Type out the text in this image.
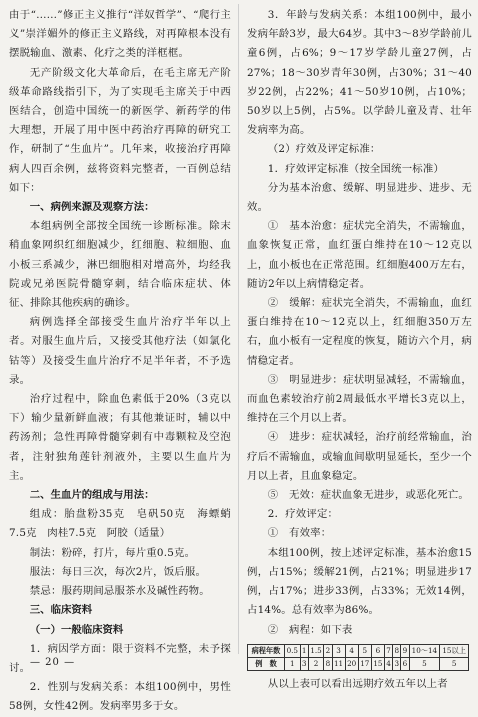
由于“……”修正主义推行“洋奴哲学”、“爬行主义”崇洋媚外的修正主义路线，对再障根本没有摆脱输血、激素、化疗之类的洋框框。

无产阶级文化大革命后，在毛主席无产阶级革命路线指引下，为了实现毛主席关于中西医结合，创造中国统一的新医学、新药学的伟大理想，开展了用中医中药治疗再障的研究工作，研制了“生血片”。几年来，收接治疗再障病人四百余例，兹将资料完整者，一百例总结如下：

一、病例来源及观察方法：

本组病例全部按全国统一诊断标准。除末稍血象网织红细胞减少，红细胞、粒细胞、血小板三系减少，淋巴细胞相对增高外，均经我院或兄弟医院骨髓穿刺，结合临床症状、体征、排除其他疾病的确诊。

病例选择全部接受生血片治疗半年以上者。对服生血片后，又接受其他疗法（如氯化钴等）及接受生血片治疗不足半年者，不予选录。

治疗过程中，除血色素低于20%（3克以下）输少量新鲜血液；有其他兼证时，辅以中药汤剂；急性再障骨髓穿刺有中毒颗粒及空泡者，注射独角莲针剂液外，主要以生血片为主。

二、生血片的组成与用法：

组成：胎盘粉35克　皂矾50克　海螵蛸7.5克　肉桂7.5克　阿胶（适量）

制法：粉碎，打片，每片重0.5克。

服法：每日三次，每次2片，饭后服。

禁忌：服药期间忌服茶水及碱性药物。

三、临床资料

（一）一般临床资料

1．病因学方面：限于资料不完整，未予探讨。

2．性别与发病关系：本组100例中，男性58例，女性42例。发病率男多于女。

3．年龄与发病关系：本组100例中，最小发病年龄3岁，最大64岁。其中3～8岁学龄前儿童6例，占6%；9～17岁学龄儿童27例，占27%；18～30岁青年30例，占30%；31～40岁22例，占22%；41～50岁10例，占10%；50岁以上5例，占5%。以学龄儿童及青、壮年发病率为高。

（2）疗效及评定标准：

1．疗效评定标准（按全国统一标准）

分为基本治愈、缓解、明显进步、进步、无效。

①　基本治愈：症状完全消失，不需输血，血象恢复正常，血红蛋白维持在10～12克以上，血小板也在正常范围。红细胞400万左右，随访2年以上病情稳定者。

②　缓解：症状完全消失，不需输血，血红蛋白维持在10～12克以上，红细胞350万左右，血小板有一定程度的恢复，随访六个月，病情稳定者。

③　明显进步：症状明显减轻，不需输血，而血色素较治疗前2周最低水平增长3克以上，维持在三个月以上者。

④　进步：症状减轻，治疗前经常输血，治疗后不需输血，或输血间歇明显延长，至少一个月以上者，且血象稳定。

⑤　无效：症状血象无进步，或恶化死亡。

2．疗效评定：

①　有效率：

本组100例，按上述评定标准，基本治愈15例，占15%；缓解21例，占21%；明显进步17例，占17%；进步33例，占33%；无效14例，占14%。总有效率为86%。

②　病程：如下表

病程年数	0.5	1	1.5	2	3	4	5	6	7	8	9	10～14	15以上
例　数	1	3	2	8	11	20	17	15	4	3	6	5	5

从以上表可以看出远期疗效五年以上者

— 20 —
